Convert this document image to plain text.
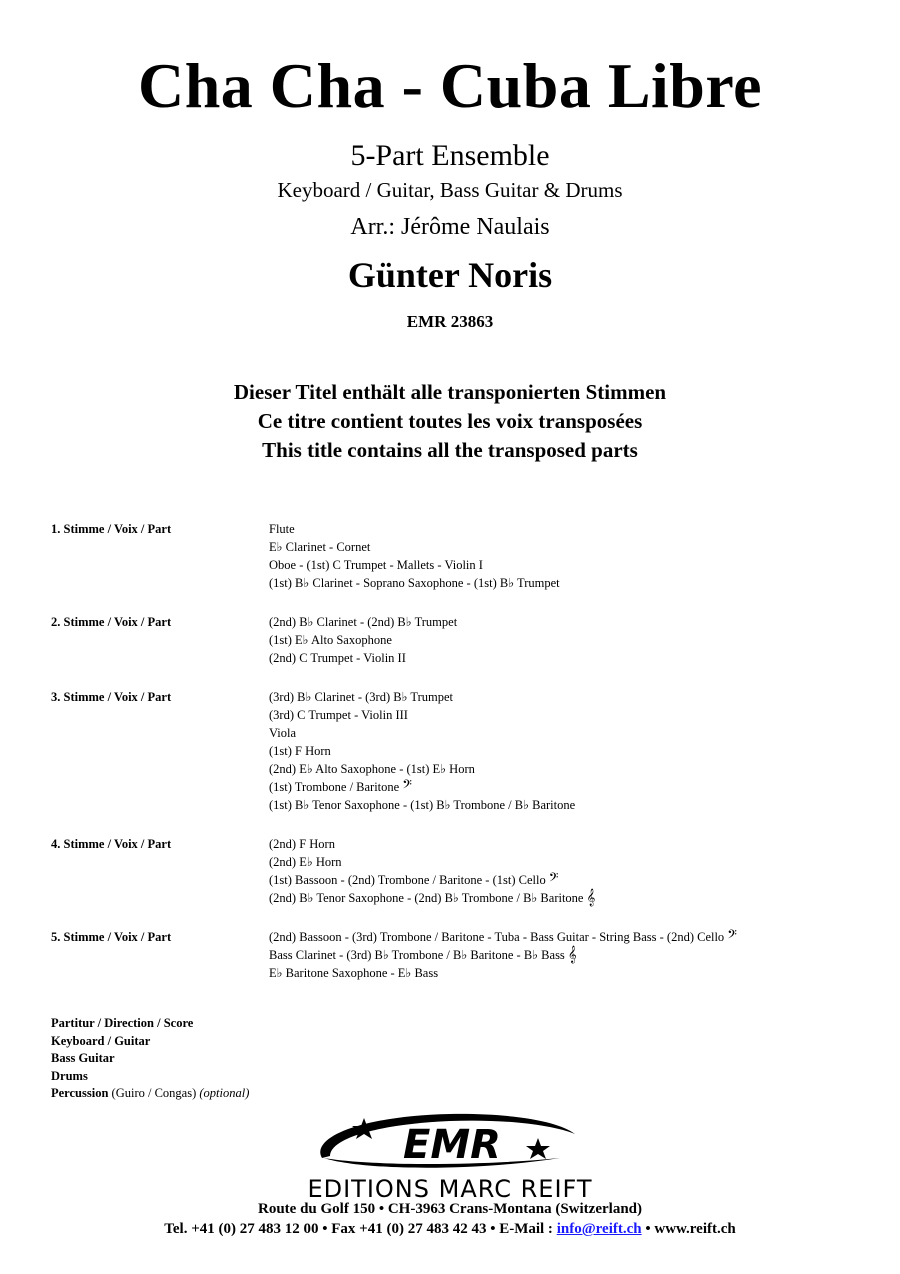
Cha Cha - Cuba Libre
5-Part Ensemble
Keyboard / Guitar, Bass Guitar & Drums
Arr.: Jérôme Naulais
Günter Noris
EMR 23863
Dieser Titel enthält alle transponierten Stimmen
Ce titre contient toutes les voix transposées
This title contains all the transposed parts
1. Stimme / Voix / Part	Flute
E♭ Clarinet - Cornet
Oboe - (1st) C Trumpet - Mallets - Violin I
(1st) B♭ Clarinet - Soprano Saxophone - (1st) B♭ Trumpet
2. Stimme / Voix / Part	(2nd) B♭ Clarinet - (2nd) B♭ Trumpet
(1st) E♭ Alto Saxophone
(2nd) C Trumpet - Violin II
3. Stimme / Voix / Part	(3rd) B♭ Clarinet - (3rd) B♭ Trumpet
(3rd) C Trumpet - Violin III
Viola
(1st) F Horn
(2nd) E♭ Alto Saxophone - (1st) E♭ Horn
(1st) Trombone / Baritone 𝄢
(1st) B♭ Tenor Saxophone - (1st) B♭ Trombone / B♭ Baritone
4. Stimme / Voix / Part	(2nd) F Horn
(2nd) E♭ Horn
(1st) Bassoon - (2nd) Trombone / Baritone - (1st) Cello 𝄢
(2nd) B♭ Tenor Saxophone - (2nd) B♭ Trombone / B♭ Baritone 𝄞
5. Stimme / Voix / Part	(2nd) Bassoon - (3rd) Trombone / Baritone - Tuba - Bass Guitar - String Bass - (2nd) Cello 𝄢
Bass Clarinet - (3rd) B♭ Trombone / B♭ Baritone - B♭ Bass 𝄞
E♭ Baritone Saxophone - E♭ Bass
Partitur / Direction / Score
Keyboard / Guitar
Bass Guitar
Drums
Percussion (Guiro / Congas) (optional)
EMR
EDITIONS MARC REIFT
Route du Golf 150 • CH-3963 Crans-Montana (Switzerland)
Tel. +41 (0) 27 483 12 00 • Fax +41 (0) 27 483 42 43 • E-Mail : info@reift.ch • www.reift.ch
